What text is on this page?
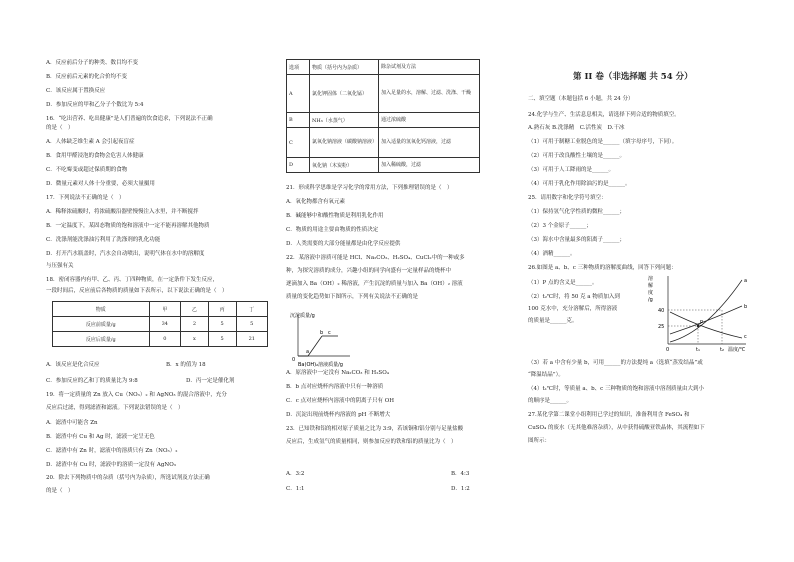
A．反应前后分子的种类、数目均不变
B．反应前后元素的化合价均不变
C．该反应属于置换反应
D．参加反应的甲和乙分子个数比为 5:4
16．“吃出营养、吃出健康”是人们普遍的饮食追求，下列说法不正确
的是（　）
A．人体缺乏维生素 A 会引起夜盲症
B．食用甲醛浸泡的食物会危害人体健康
C．不吃霉变或超过保质期的食物
D．微量元素对人体十分重要，必须大量摄用
17．下列说法不正确的是（　）
A．稀释浓硫酸时，将浓硫酸沿器壁慢慢注入水里，并不断搅拌
B．一定温度下，某固态物质的饱和溶液中一定不能再溶解其他物质
C．洗涤剂能洗涤油污利用了洗涤剂的乳化功能
D．打开汽水瓶盖时，汽水会自动喷出，说明气体在水中的溶解度
与压强有关
18．密闭容器内有甲、乙、丙、丁四种物质，在一定条件下发生反应，
一段时间后，反应前后各物质的质量如下表所示，以下说法正确的是（　）
物质	甲	乙	丙	丁
反应前质量/g	34	2	5	5
反应后质量/g	0	x	5	21
A．该反应是化合反应	B．x 的值为 18
C．参加反应的乙和丁的质量比为 9:8	D．丙一定是催化剂
19．将一定质量的 Zn 放入 Cu（NO₃）₂ 和 AgNO₃ 的混合溶液中，充分
反应后过滤，得到滤渣和滤液。下列说法错误的是（　）
A．滤渣中可能含 Zn
B．滤渣中有 Cu 和 Ag 时，滤液一定呈无色
C．滤渣中有 Zn 时，滤液中的溶质只有 Zn（NO₃）₂
D．滤渣中有 Cu 时，滤液中的溶质一定没有 AgNO₃
20．除去下列物质中的杂质（括号内为杂质），所选试剂及方法正确
的是（　）
选项	物质（括号内为杂质）	除杂试剂及方法
A	氯化钾固体（二氧化锰）	加入足量的水，溶解、过滤、洗涤、干燥
B	NH₃（水蒸气）	通过浓硫酸
C	氯氧化钠溶液（碳酸钠溶液）	加入适量的氢氧化钙溶液，过滤
D	氧化钠（木炭粉）	加入稀硫酸，过滤
21．形成科学思维是学习化学的常用方法，下列推理错误的是（　）
A．氧化物都含有氧元素
B．碱能够中和酸性物质是利用乳化作用
C．物质的用途主要由物质的性质决定
D．人类需要的大部分能量都是由化学反应提供
22．某溶液中溶质可能是 HCl、Na₂CO₃、H₂SO₄、CuCl₂中的一种或多
种，为探究溶质的成分，兴趣小组的同学向盛有一定量样品的烧杯中
逐滴加入 Ba（OH）₂ 稀溶液，产生沉淀的质量与加入 Ba（OH）₂ 溶液
质量的变化趋势如下图所示，下列有关说法不正确的是
沉淀质量/g
0
a
b c
Ba(OH)₂溶液质量/g
A．原溶液中一定没有 Na₂CO₃ 和 H₂SO₄
B．b 点对应烧杯内溶液中只有一种溶质
C．c 点对应烧杯内溶液中的阴离子只有 OH
D．沉淀出现前烧杯内溶液的 pH 不断增大
23．已知铁和铝的相对原子质量之比为 3:9，若该铜和铝分别与足量盐酸
反应后，生成氢气的质量相同，则参加反应的铁和铝的质量比为（　）
A．3:2	B．4:3
C．1:1	D．1:2
第 II 卷（非选择题 共 54 分）
二、填空题（本题包括 6 小题，共 24 分）
24.化学与生产、生活息息相关，请选择下列合适的物质填空。
A.熟石灰 B.洗涤精　C.活性炭　D.干冰
（1）可用于制糖工业脱色的是______（填字母序号，下同）。
（2）可用于改良酸性土壤的是______。
（3）可用于人工降雨的是______。
（4）可用于乳化作用除油污的是______。
25．请用数字和化学符号填空：
（1）保持氢气化学性质的微粒______；
（2）3 个金原子______；
（3）海水中含量最多的阳离子______；
（4）酒精______。
26.如图是 a、b、c 三种物质的溶解度曲线，回答下列问题：
（1）P 点的含义是______。
（2）t₂℃时，将 50 克 a 物质加入到
100 克水中，充分溶解后，所得溶液
的质量是______克。
溶
解
度
/g
P
a
b
c
40
25
0	t₁	t₂ 温度/℃
（3）若 a 中含有少量 b，可用______的方法提纯 a（选填“蒸发结晶”或
“降温结晶”）。
（4）t₁℃时，等质量 a、b、c 三种物质的饱和溶液中溶剂质量由大到小
的顺序是______。
27.某化学第二课堂小组利用已学过的知识，准备利用含 FeSO₄ 和
CuSO₄ 的废水（无其他难溶杂质），从中获得硫酸亚铁晶体，其流程如下
图所示：
